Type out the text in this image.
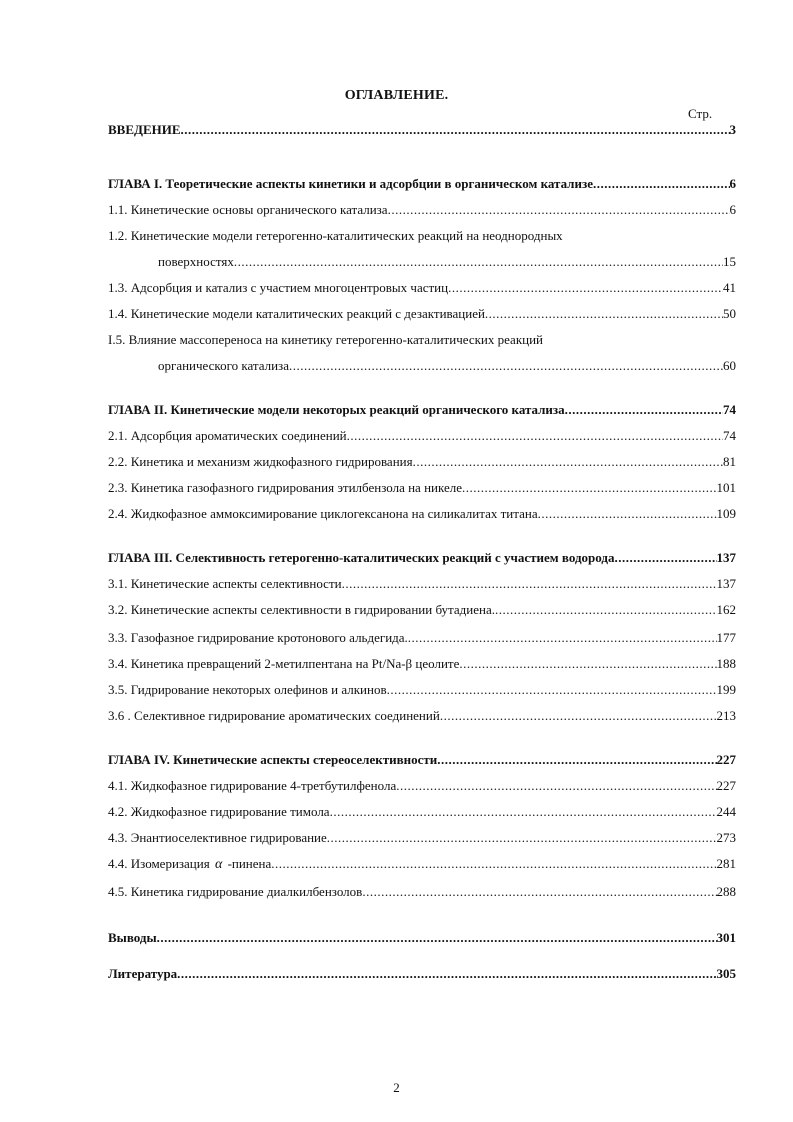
ОГЛАВЛЕНИЕ.
Стр.
ВВЕДЕНИЕ .....	3
ГЛАВА I. Теоретические аспекты кинетики и адсорбции в органическом катализе .....	6
1.1. Кинетические основы органического катализа .....	6
1.2. Кинетические модели гетерогенно-каталитических реакций на неоднородных
поверхностях .....	15
1.3. Адсорбция и катализ с участием многоцентровых частиц .....	41
1.4. Кинетические модели каталитических реакций с дезактивацией .....	50
I.5. Влияние массопереноса на кинетику гетерогенно-каталитических реакций
органического катализа .....	60
ГЛАВА II. Кинетические модели некоторых реакций органического катализа .....	74
2.1. Адсорбция ароматических соединений .....	74
2.2. Кинетика и механизм жидкофазного гидрирования .....	81
2.3. Кинетика газофазного гидрирования этилбензола на никеле .....	101
2.4. Жидкофазное аммоксимирование циклогексанона на силикалитах титана .....	109
ГЛАВА III. Селективность гетерогенно-каталитических реакций с участием водорода .....	137
3.1. Кинетические аспекты селективности .....	137
3.2. Кинетические аспекты селективности в гидрировании бутадиена. .....	162
3.3. Газофазное гидрирование кротонового альдегида. .....	177
3.4. Кинетика превращений 2-метилпентана на Pt/Na-β цеолите .....	188
3.5. Гидрирование некоторых олефинов и алкинов .....	199
3.6 . Селективное гидрирование ароматических соединений .....	213
ГЛАВА IV. Кинетические аспекты стереоселективности .....	227
4.1. Жидкофазное гидрирование 4-третбутилфенола .....	227
4.2. Жидкофазное гидрирование тимола .....	244
4.3. Энантиоселективное гидрирование .....	273
4.4. Изомеризация α -пинена .....	281
4.5. Кинетика гидрирование диалкилбензолов .....	288
Выводы .....	301
Литература .....	305
2
